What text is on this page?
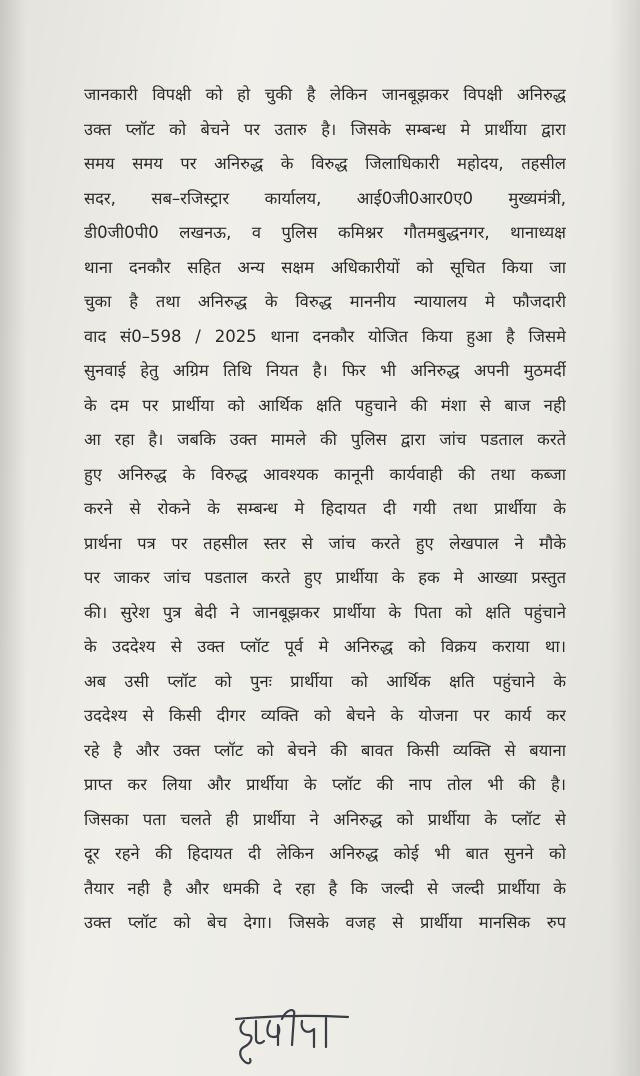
जानकारी विपक्षी को हो चुकी है लेकिन जानबूझकर विपक्षी अनिरुद्ध
उक्त प्लॉट को बेचने पर उतारु है। जिसके सम्बन्ध मे प्रार्थीया द्वारा
समय समय पर अनिरुद्ध के विरुद्ध जिलाधिकारी महोदय, तहसील
सदर, सब–रजिस्ट्रार कार्यालय, आई0जी0आर0ए0 मुख्यमंत्री,
डी0जी0पी0 लखनऊ, व पुलिस कमिश्नर गौतमबुद्धनगर, थानाध्यक्ष
थाना दनकौर सहित अन्य सक्षम अधिकारीयों को सूचित किया जा
चुका है तथा अनिरुद्ध के विरुद्ध माननीय न्यायालय मे फौजदारी
वाद सं0–598 / 2025 थाना दनकौर योजित किया हुआ है जिसमे
सुनवाई हेतु अग्रिम तिथि नियत है। फिर भी अनिरुद्ध अपनी मुठमर्दी
के दम पर प्रार्थीया को आर्थिक क्षति पहुचाने की मंशा से बाज नही
आ रहा है। जबकि उक्त मामले की पुलिस द्वारा जांच पडताल करते
हुए अनिरुद्ध के विरुद्ध आवश्यक कानूनी कार्यवाही की तथा कब्जा
करने से रोकने के सम्बन्ध मे हिदायत दी गयी तथा प्रार्थीया के
प्रार्थना पत्र पर तहसील स्तर से जांच करते हुए लेखपाल ने मौके
पर जाकर जांच पडताल करते हुए प्रार्थीया के हक मे आख्या प्रस्तुत
की। सुरेश पुत्र बेदी ने जानबूझकर प्रार्थीया के पिता को क्षति पहुंचाने
के उददेश्य से उक्त प्लॉट पूर्व मे अनिरुद्ध को विक्रय कराया था।
अब उसी प्लॉट को पुनः प्रार्थीया को आर्थिक क्षति पहुंचाने के
उददेश्य से किसी दीगर व्यक्ति को बेचने के योजना पर कार्य कर
रहे है और उक्त प्लॉट को बेचने की बावत किसी व्यक्ति से बयाना
प्राप्त कर लिया और प्रार्थीया के प्लॉट की नाप तोल भी की है।
जिसका पता चलते ही प्रार्थीया ने अनिरुद्ध को प्रार्थीया के प्लॉट से
दूर रहने की हिदायत दी लेकिन अनिरुद्ध कोई भी बात सुनने को
तैयार नही है और धमकी दे रहा है कि जल्दी से जल्दी प्रार्थीया के
उक्त प्लॉट को बेच देगा। जिसके वजह से प्रार्थीया मानसिक रुप
